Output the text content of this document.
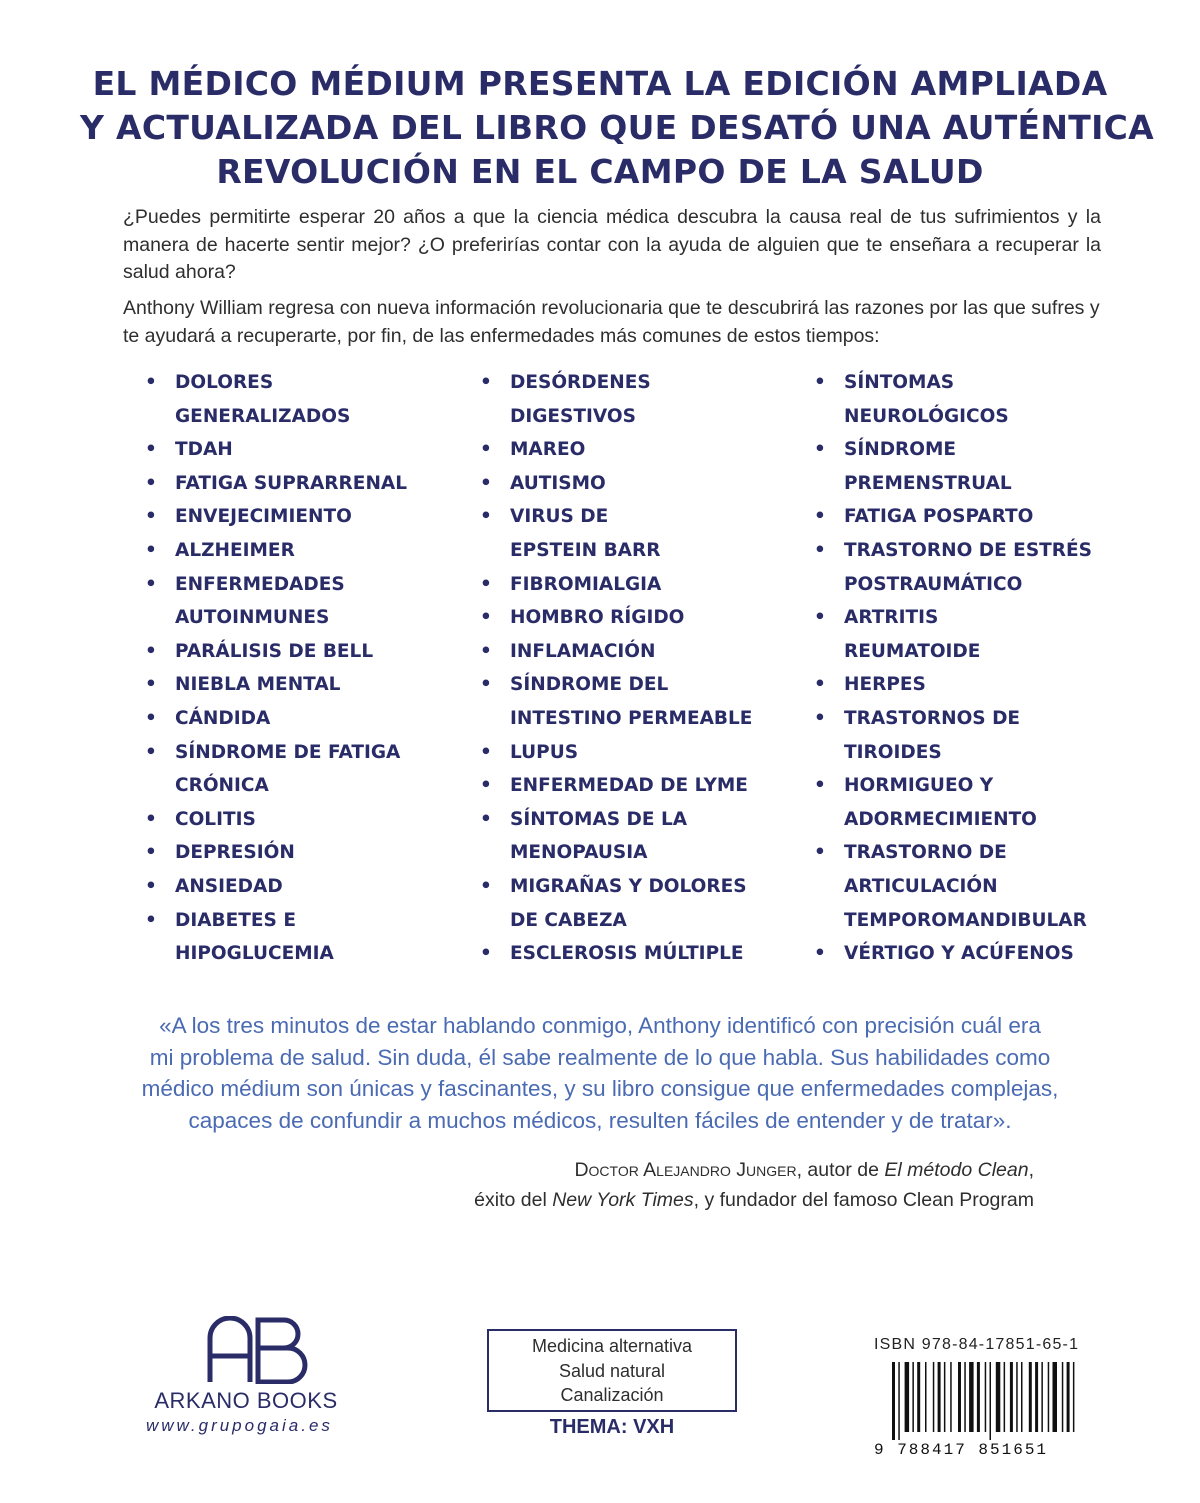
EL MÉDICO MÉDIUM PRESENTA LA EDICIÓN AMPLIADA
Y ACTUALIZADA DEL LIBRO QUE DESATÓ UNA AUTÉNTICA
REVOLUCIÓN EN EL CAMPO DE LA SALUD
¿Puedes permitirte esperar 20 años a que la ciencia médica descubra la causa real de tus sufrimientos y la manera de hacerte sentir mejor? ¿O preferirías contar con la ayuda de alguien que te enseñara a recuperar la salud ahora?
Anthony William regresa con nueva información revolucionaria que te descubrirá las razones por las que sufres y
te ayudará a recuperarte, por fin, de las enfermedades más comunes de estos tiempos:
• DOLORES
GENERALIZADOS
• TDAH
• FATIGA SUPRARRENAL
• ENVEJECIMIENTO
• ALZHEIMER
• ENFERMEDADES
AUTOINMUNES
• PARÁLISIS DE BELL
• NIEBLA MENTAL
• CÁNDIDA
• SÍNDROME DE FATIGA
CRÓNICA
• COLITIS
• DEPRESIÓN
• ANSIEDAD
• DIABETES E
HIPOGLUCEMIA
• DESÓRDENES
DIGESTIVOS
• MAREO
• AUTISMO
• VIRUS DE
EPSTEIN BARR
• FIBROMIALGIA
• HOMBRO RÍGIDO
• INFLAMACIÓN
• SÍNDROME DEL
INTESTINO PERMEABLE
• LUPUS
• ENFERMEDAD DE LYME
• SÍNTOMAS DE LA
MENOPAUSIA
• MIGRAÑAS Y DOLORES
DE CABEZA
• ESCLEROSIS MÚLTIPLE
• SÍNTOMAS
NEUROLÓGICOS
• SÍNDROME
PREMENSTRUAL
• FATIGA POSPARTO
• TRASTORNO DE ESTRÉS
POSTRAUMÁTICO
• ARTRITIS
REUMATOIDE
• HERPES
• TRASTORNOS DE
TIROIDES
• HORMIGUEO Y
ADORMECIMIENTO
• TRASTORNO DE
ARTICULACIÓN
TEMPOROMANDIBULAR
• VÉRTIGO Y ACÚFENOS
«A los tres minutos de estar hablando conmigo, Anthony identificó con precisión cuál era
mi problema de salud. Sin duda, él sabe realmente de lo que habla. Sus habilidades como
médico médium son únicas y fascinantes, y su libro consigue que enfermedades complejas,
capaces de confundir a muchos médicos, resulten fáciles de entender y de tratar».
Doctor Alejandro Junger, autor de El método Clean,
éxito del New York Times, y fundador del famoso Clean Program
AB
ARKANO BOOKS
www.grupogaia.es
Medicina alternativa
Salud natural
Canalización
THEMA: VXH
ISBN 978-84-17851-65-1
9 788417 851651
